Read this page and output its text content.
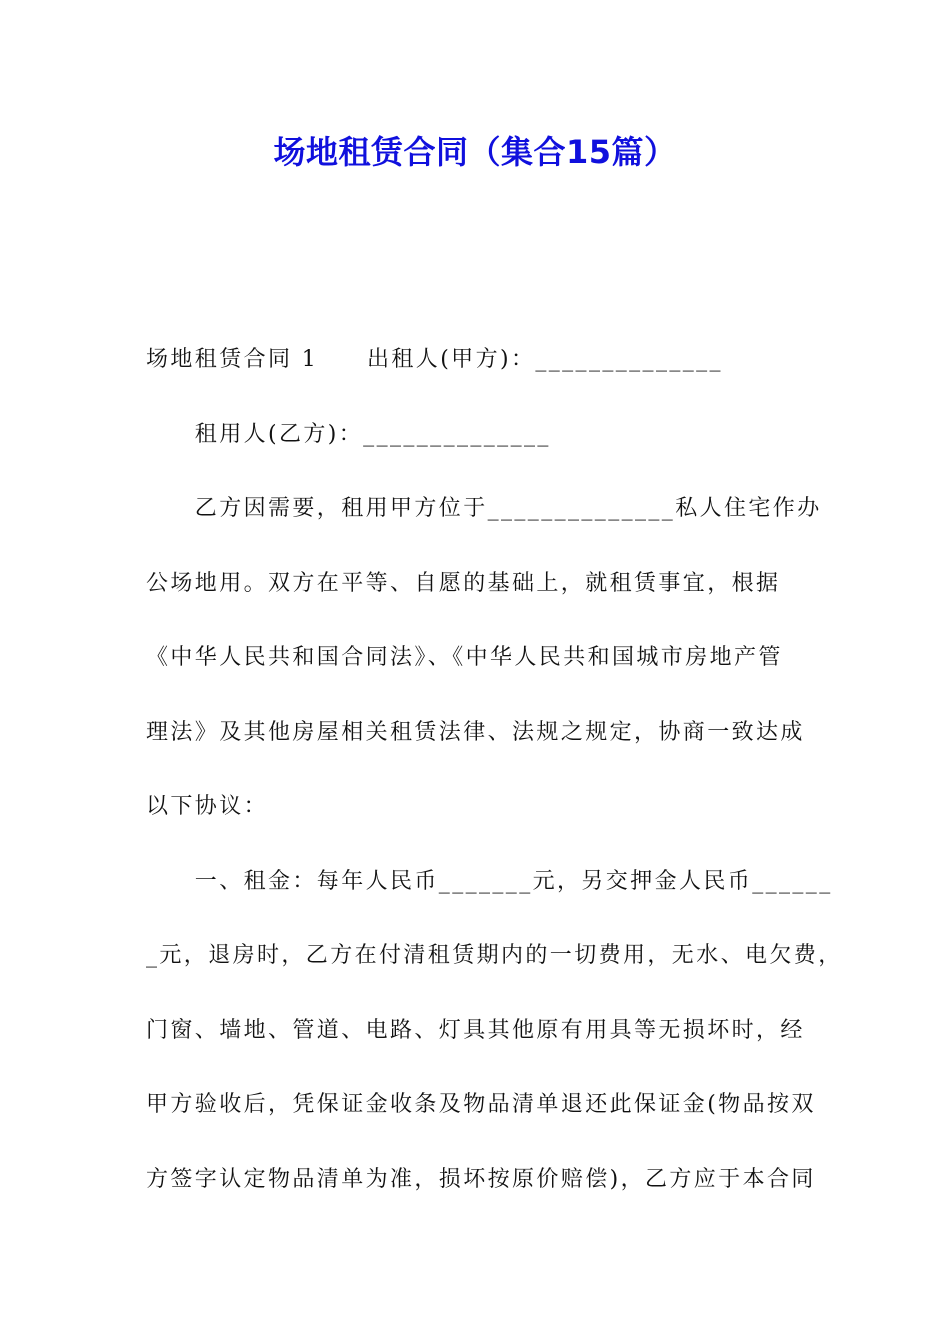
场地租赁合同（集合15篇）
场地租赁合同 1　　出租人(甲方)：______________
　　租用人(乙方)：______________
　　乙方因需要，租用甲方位于______________私人住宅作办
公场地用。双方在平等、自愿的基础上，就租赁事宜，根据
《中华人民共和国合同法》、《中华人民共和国城市房地产管
理法》及其他房屋相关租赁法律、法规之规定，协商一致达成
以下协议：
　　一、租金：每年人民币_______元，另交押金人民币______
_元，退房时，乙方在付清租赁期内的一切费用，无水、电欠费，
门窗、墙地、管道、电路、灯具其他原有用具等无损坏时，经
甲方验收后，凭保证金收条及物品清单退还此保证金(物品按双
方签字认定物品清单为准，损坏按原价赔偿)，乙方应于本合同
